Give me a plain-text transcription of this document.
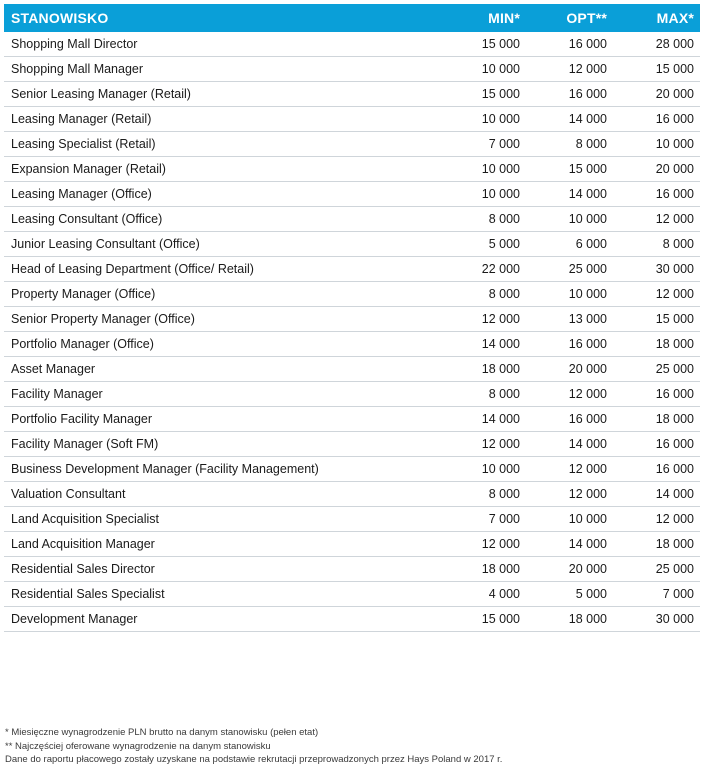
STANOWISKO	MIN*	OPT**	MAX*
Shopping Mall Director	15 000	16 000	28 000
Shopping Mall Manager	10 000	12 000	15 000
Senior Leasing Manager (Retail)	15 000	16 000	20 000
Leasing Manager (Retail)	10 000	14 000	16 000
Leasing Specialist (Retail)	7 000	8 000	10 000
Expansion Manager (Retail)	10 000	15 000	20 000
Leasing Manager (Office)	10 000	14 000	16 000
Leasing Consultant (Office)	8 000	10 000	12 000
Junior Leasing Consultant (Office)	5 000	6 000	8 000
Head of Leasing Department (Office/ Retail)	22 000	25 000	30 000
Property Manager (Office)	8 000	10 000	12 000
Senior Property Manager (Office)	12 000	13 000	15 000
Portfolio Manager (Office)	14 000	16 000	18 000
Asset Manager	18 000	20 000	25 000
Facility Manager	8 000	12 000	16 000
Portfolio Facility Manager	14 000	16 000	18 000
Facility Manager (Soft FM)	12 000	14 000	16 000
Business Development Manager (Facility Management)	10 000	12 000	16 000
Valuation Consultant	8 000	12 000	14 000
Land Acquisition Specialist	7 000	10 000	12 000
Land Acquisition Manager	12 000	14 000	18 000
Residential Sales Director	18 000	20 000	25 000
Residential Sales Specialist	4 000	5 000	7 000
Development Manager	15 000	18 000	30 000
* Miesięczne wynagrodzenie PLN brutto na danym stanowisku (pełen etat)
** Najczęściej oferowane wynagrodzenie na danym stanowisku
Dane do raportu płacowego zostały uzyskane na podstawie rekrutacji przeprowadzonych przez Hays Poland w 2017 r.
